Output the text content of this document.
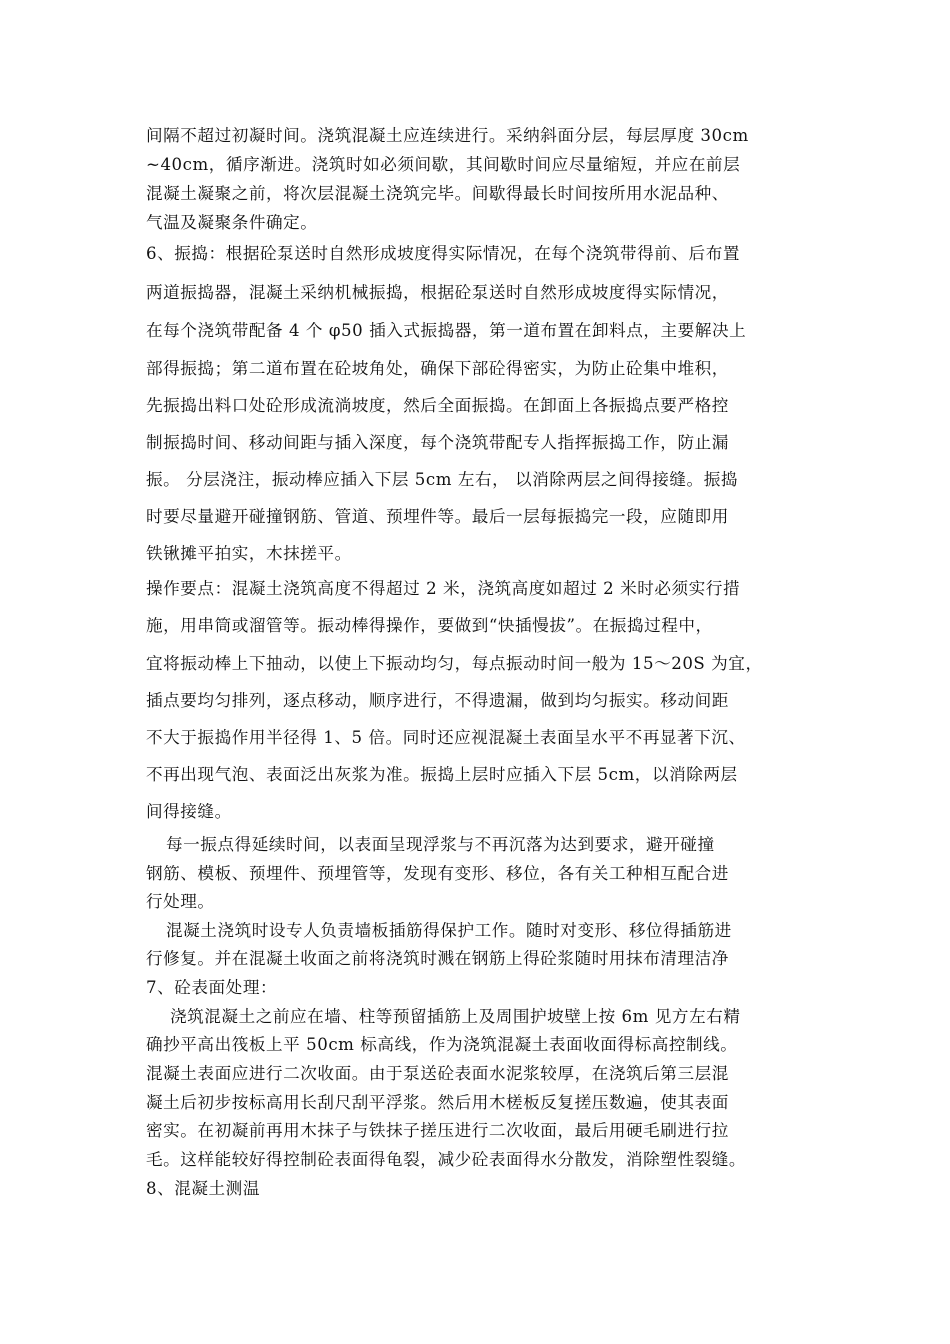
间隔不超过初凝时间。浇筑混凝土应连续进行。采纳斜面分层，每层厚度 30cm
~40cm，循序渐进。浇筑时如必须间歇，其间歇时间应尽量缩短，并应在前层
混凝土凝聚之前，将次层混凝土浇筑完毕。间歇得最长时间按所用水泥品种、
气温及凝聚条件确定。
6、振捣：根据砼泵送时自然形成坡度得实际情况，在每个浇筑带得前、后布置
两道振捣器，混凝土采纳机械振捣，根据砼泵送时自然形成坡度得实际情况，
在每个浇筑带配备 4 个 φ50 插入式振捣器，第一道布置在卸料点，主要解决上
部得振捣；第二道布置在砼坡角处，确保下部砼得密实，为防止砼集中堆积，
先振捣出料口处砼形成流淌坡度，然后全面振捣。在卸面上各振捣点要严格控
制振捣时间、移动间距与插入深度，每个浇筑带配专人指挥振捣工作，防止漏
振。 分层浇注，振动棒应插入下层 5cm 左右， 以消除两层之间得接缝。振捣
时要尽量避开碰撞钢筋、管道、预埋件等。最后一层每振捣完一段，应随即用
铁锹摊平拍实，木抹搓平。
操作要点：混凝土浇筑高度不得超过 2 米，浇筑高度如超过 2 米时必须实行措
施，用串筒或溜管等。振动棒得操作，要做到“快插慢拔”。在振捣过程中，
宜将振动棒上下抽动，以使上下振动均匀，每点振动时间一般为 15～20S 为宜，
插点要均匀排列，逐点移动，顺序进行，不得遗漏，做到均匀振实。移动间距
不大于振捣作用半径得 1、5 倍。同时还应视混凝土表面呈水平不再显著下沉、
不再出现气泡、表面泛出灰浆为准。振捣上层时应插入下层 5cm，以消除两层
间得接缝。
每一振点得延续时间，以表面呈现浮浆与不再沉落为达到要求，避开碰撞
钢筋、模板、预埋件、预埋管等，发现有变形、移位，各有关工种相互配合进
行处理。
混凝土浇筑时设专人负责墙板插筋得保护工作。随时对变形、移位得插筋进
行修复。并在混凝土收面之前将浇筑时溅在钢筋上得砼浆随时用抹布清理洁净
7、砼表面处理：
浇筑混凝土之前应在墙、柱等预留插筋上及周围护坡壁上按 6m 见方左右精
确抄平高出筏板上平 50cm 标高线，作为浇筑混凝土表面收面得标高控制线。
混凝土表面应进行二次收面。由于泵送砼表面水泥浆较厚，在浇筑后第三层混
凝土后初步按标高用长刮尺刮平浮浆。然后用木槎板反复搓压数遍，使其表面
密实。在初凝前再用木抹子与铁抹子搓压进行二次收面，最后用硬毛刷进行拉
毛。这样能较好得控制砼表面得龟裂，减少砼表面得水分散发，消除塑性裂缝。
8、混凝土测温
